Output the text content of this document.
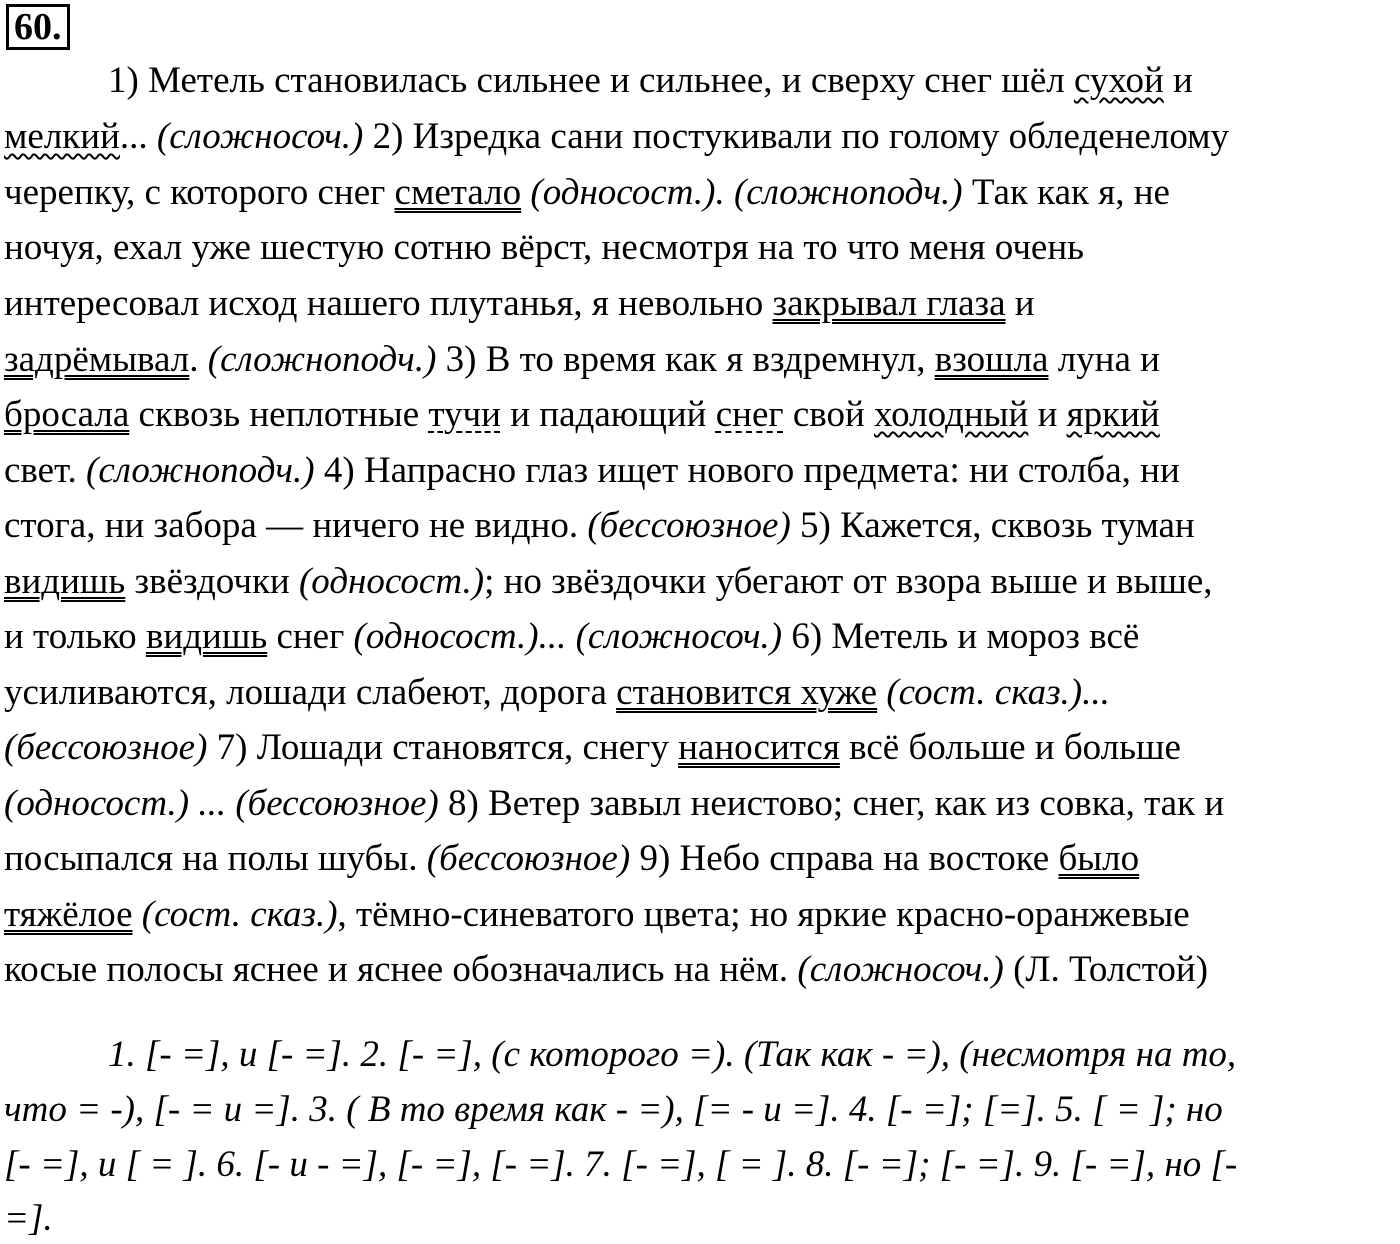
60.
1) Метель становилась сильнее и сильнее, и сверху снег шёл сухой и
мелкий... (сложносоч.) 2) Изредка сани постукивали по голому обледенелому
черепку, с которого снег сметало (односост.). (сложноподч.) Так как я, не
ночуя, ехал уже шестую сотню вёрст, несмотря на то что меня очень
интересовал исход нашего плутанья, я невольно закрывал глаза и
задрёмывал. (сложноподч.) 3) В то время как я вздремнул, взошла луна и
бросала сквозь неплотные тучи и падающий снег свой холодный и яркий
свет. (сложноподч.) 4) Напрасно глаз ищет нового предмета: ни столба, ни
стога, ни забора — ничего не видно. (бессоюзное) 5) Кажется, сквозь туман
видишь звёздочки (односост.); но звёздочки убегают от взора выше и выше,
и только видишь снег (односост.)... (сложносоч.) 6) Метель и мороз всё
усиливаются, лошади слабеют, дорога становится хуже (сост. сказ.)...
(бессоюзное) 7) Лошади становятся, снегу наносится всё больше и больше
(односост.) ... (бессоюзное) 8) Ветер завыл неистово; снег, как из совка, так и
посыпался на полы шубы. (бессоюзное) 9) Небо справа на востоке было
тяжёлое (сост. сказ.), тёмно-синеватого цвета; но яркие красно-оранжевые
косые полосы яснее и яснее обозначались на нём. (сложносоч.) (Л. Толстой)
1. [- =], и [- =]. 2. [- =], (с которого =). (Так как - =), (несмотря на то,
что = -), [- = и =]. 3. ( В то время как - =), [= - и =]. 4. [- =]; [=]. 5. [ = ]; но
[- =], и [ = ]. 6. [- и - =], [- =], [- =]. 7. [- =], [ = ]. 8. [- =]; [- =]. 9. [- =], но [-
=].
